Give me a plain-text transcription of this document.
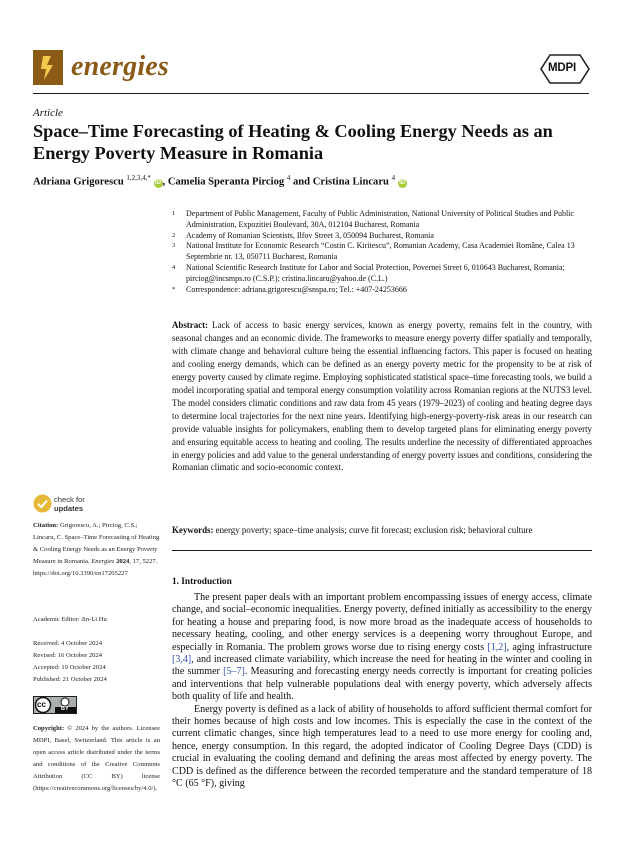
energies	MDPI
Article
Space–Time Forecasting of Heating & Cooling Energy Needs as an Energy Poverty Measure in Romania
Adriana Grigorescu $^{1,2,3,4,*}$ iD , Camelia Speranta Pirciog $^4$ and Cristina Lincaru $^4$ iD
1	Department of Public Management, Faculty of Public Administration, National University of Political Studies and Public Administration, Expozitiei Boulevard, 30A, 012104 Bucharest, Romania
2	Academy of Romanian Scientists, Ilfov Street 3, 050094 Bucharest, Romania
3	National Institute for Economic Research “Costin C. Kiritescu”, Romanian Academy, Casa Academiei Române, Calea 13 Septembrie nr. 13, 050711 Bucharest, Romania
4	National Scientific Research Institute for Labor and Social Protection, Povernei Street 6, 010643 Bucharest, Romania; pirciog@incsmps.ro (C.S.P.); cristina.lincaru@yahoo.de (C.L.)
*	Correspondence: adriana.grigorescu@snspa.ro; Tel.: +407-24253666
Abstract: Lack of access to basic energy services, known as energy poverty, remains felt in the country, with seasonal changes and an economic divide. The frameworks to measure energy poverty differ spatially and temporally, with climate change and behavioral culture being the essential influencing factors. This paper is focused on heating and cooling energy demands, which can be defined as an energy poverty metric for the propensity to be at risk of energy poverty caused by climate regime. Employing sophisticated statistical space–time forecasting tools, we build a model incorporating spatial and temporal energy consumption volatility across Romanian regions at the NUTS3 level. The model considers climatic conditions and raw data from 45 years (1979–2023) of cooling and heating degree days to determine local trajectories for the next nine years. Identifying high-energy-poverty-risk areas in our research can provide valuable insights for policymakers, enabling them to develop targeted plans for eliminating energy poverty and ensuring equitable access to heating and cooling. The results underline the necessity of differentiated approaches in energy policies and add value to the general understanding of energy poverty issues and conditions, considering the Romanian climatic and socio-economic context.
Keywords: energy poverty; space–time analysis; curve fit forecast; exclusion risk; behavioral culture
check for
updates
Citation: Grigorescu, A.; Pirciog, C.S.; Lincaru, C. Space–Time Forecasting of Heating & Cooling Energy Needs as an Energy Poverty Measure in Romania. Energies 2024, 17, 5227. https://doi.org/10.3390/en17205227
Academic Editor: Jin-Li Hu
Received: 4 October 2024
Revised: 16 October 2024
Accepted: 19 October 2024
Published: 21 October 2024
cc	BY
Copyright: © 2024 by the authors. Licensee MDPI, Basel, Switzerland. This article is an open access article distributed under the terms and conditions of the Creative Commons Attribution (CC BY) license (https://creativecommons.org/licenses/by/4.0/).
1. Introduction

The present paper deals with an important problem encompassing issues of energy access, climate change, and social–economic inequalities. Energy poverty, defined initially as accessibility to the energy for heating a house and preparing food, is now more broad as the inadequate access of households to necessary heating, cooling, and other energy services is a deepening worry throughout Europe, and especially in Romania. The problem grows worse due to rising energy costs [1,2], aging infrastructure [3,4], and increased climate variability, which increase the need for heating in the winter and cooling in the summer [5–7]. Measuring and forecasting energy needs correctly is important for creating policies and interventions that help vulnerable populations deal with energy poverty, which adversely affects both quality of life and health.

Energy poverty is defined as a lack of ability of households to afford sufficient thermal comfort for their homes because of high costs and low incomes. This is especially the case in the context of the current climatic changes, since high temperatures lead to a need to use more energy for cooling and, hence, energy consumption. In this regard, the adopted indicator of Cooling Degree Days (CDD) is crucial in evaluating the cooling demand and defining the areas most affected by energy poverty. The CDD is defined as the difference between the recorded temperature and the standard temperature of 18 °C (65 °F), giving
